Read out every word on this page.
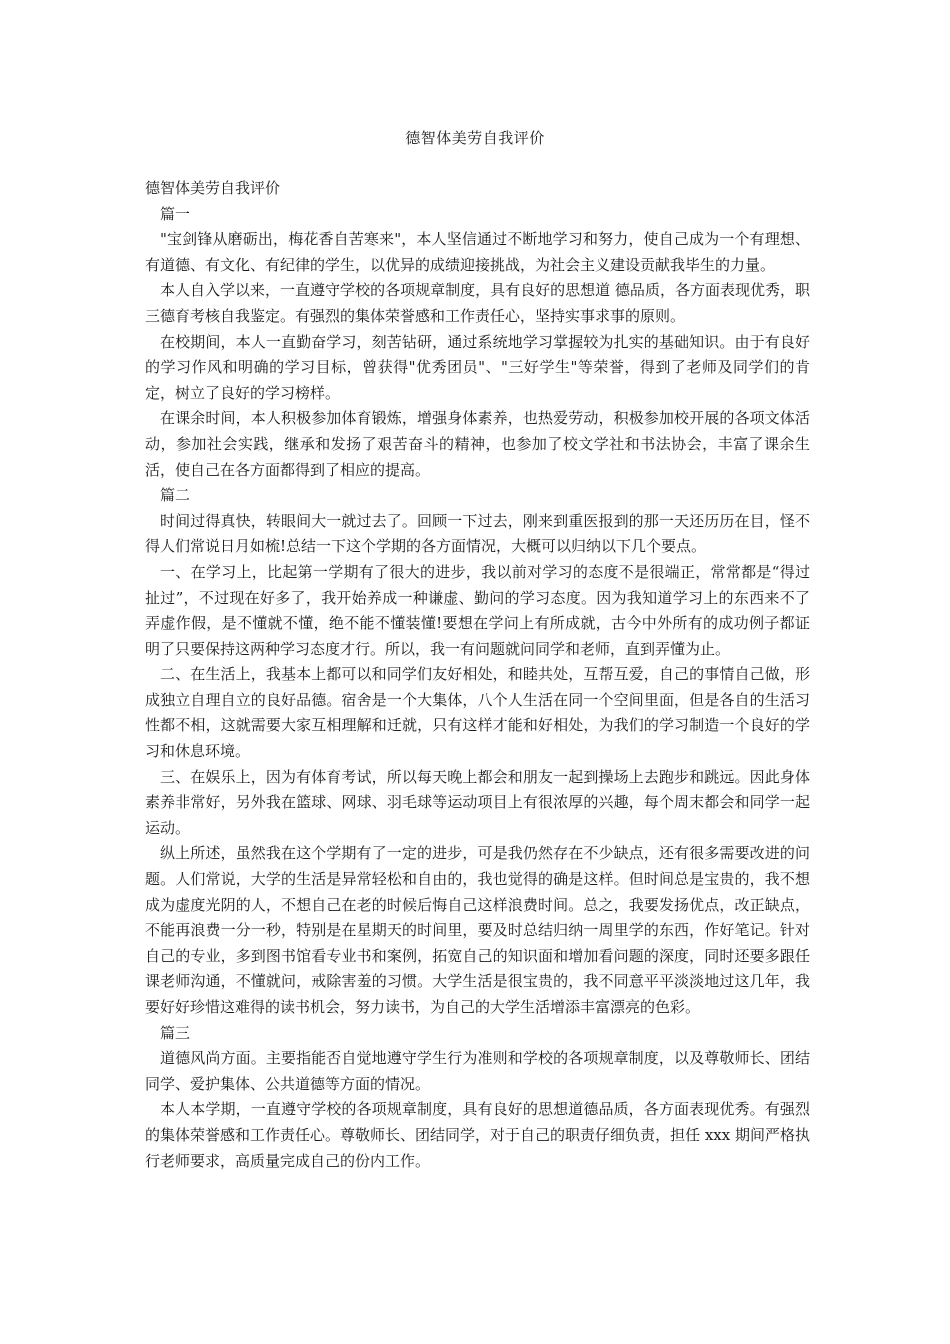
德智体美劳自我评价

德智体美劳自我评价

篇一

"宝剑锋从磨砺出，梅花香自苦寒来"，本人坚信通过不断地学习和努力，使自己成为一个有理想、有道德、有文化、有纪律的学生，以优异的成绩迎接挑战，为社会主义建设贡献我毕生的力量。

本人自入学以来，一直遵守学校的各项规章制度，具有良好的思想道 德品质，各方面表现优秀，职三德育考核自我鉴定。有强烈的集体荣誉感和工作责任心，坚持实事求事的原则。

在校期间，本人一直勤奋学习，刻苦钻研，通过系统地学习掌握较为扎实的基础知识。由于有良好的学习作风和明确的学习目标，曾获得"优秀团员"、"三好学生"等荣誉，得到了老师及同学们的肯定，树立了良好的学习榜样。

在课余时间，本人积极参加体育锻炼，增强身体素养，也热爱劳动，积极参加校开展的各项文体活动，参加社会实践，继承和发扬了艰苦奋斗的精神，也参加了校文学社和书法协会，丰富了课余生活，使自己在各方面都得到了相应的提高。

篇二

时间过得真快，转眼间大一就过去了。回顾一下过去，刚来到重医报到的那一天还历历在目，怪不得人们常说日月如梳!总结一下这个学期的各方面情况，大概可以归纳以下几个要点。

一、在学习上，比起第一学期有了很大的进步，我以前对学习的态度不是很端正，常常都是“得过扯过”，不过现在好多了，我开始养成一种谦虚、勤问的学习态度。因为我知道学习上的东西来不了弄虚作假，是不懂就不懂，绝不能不懂装懂!要想在学问上有所成就，古今中外所有的成功例子都证明了只要保持这两种学习态度才行。所以，我一有问题就问同学和老师，直到弄懂为止。

二、在生活上，我基本上都可以和同学们友好相处，和睦共处，互帮互爱，自己的事情自己做，形成独立自理自立的良好品德。宿舍是一个大集体，八个人生活在同一个空间里面，但是各自的生活习性都不相，这就需要大家互相理解和迁就，只有这样才能和好相处，为我们的学习制造一个良好的学习和休息环境。

三、在娱乐上，因为有体育考试，所以每天晚上都会和朋友一起到操场上去跑步和跳远。因此身体素养非常好，另外我在篮球、网球、羽毛球等运动项目上有很浓厚的兴趣，每个周末都会和同学一起运动。

纵上所述，虽然我在这个学期有了一定的进步，可是我仍然存在不少缺点，还有很多需要改进的问题。人们常说，大学的生活是异常轻松和自由的，我也觉得的确是这样。但时间总是宝贵的，我不想成为虚度光阴的人，不想自己在老的时候后悔自己这样浪费时间。总之，我要发扬优点，改正缺点，不能再浪费一分一秒，特别是在星期天的时间里，要及时总结归纳一周里学的东西，作好笔记。针对自己的专业，多到图书馆看专业书和案例，拓宽自己的知识面和增加看问题的深度，同时还要多跟任课老师沟通，不懂就问，戒除害羞的习惯。大学生活是很宝贵的，我不同意平平淡淡地过这几年，我要好好珍惜这难得的读书机会，努力读书，为自己的大学生活增添丰富漂亮的色彩。

篇三

道德风尚方面。主要指能否自觉地遵守学生行为准则和学校的各项规章制度，以及尊敬师长、团结同学、爱护集体、公共道德等方面的情况。

本人本学期，一直遵守学校的各项规章制度，具有良好的思想道德品质，各方面表现优秀。有强烈的集体荣誉感和工作责任心。尊敬师长、团结同学，对于自己的职责仔细负责，担任 xxx 期间严格执行老师要求，高质量完成自己的份内工作。
